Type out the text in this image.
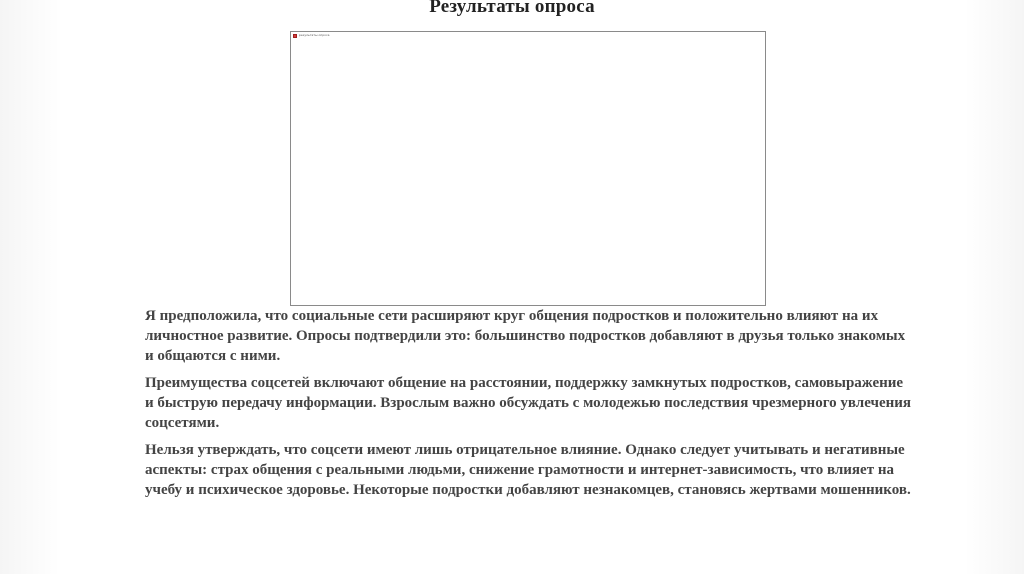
Результаты опроса
результаты опроса

Я предположила, что социальные сети расширяют круг общения подростков и положительно влияют на их личностное развитие. Опросы подтвердили это: большинство подростков добавляют в друзья только знакомых и общаются с ними.

Преимущества соцсетей включают общение на расстоянии, поддержку замкнутых подростков, самовыражение и быструю передачу информации. Взрослым важно обсуждать с молодежью последствия чрезмерного увлечения соцсетями.

Нельзя утверждать, что соцсети имеют лишь отрицательное влияние. Однако следует учитывать и негативные аспекты: страх общения с реальными людьми, снижение грамотности и интернет-зависимость, что влияет на учебу и психическое здоровье. Некоторые подростки добавляют незнакомцев, становясь жертвами мошенников.
